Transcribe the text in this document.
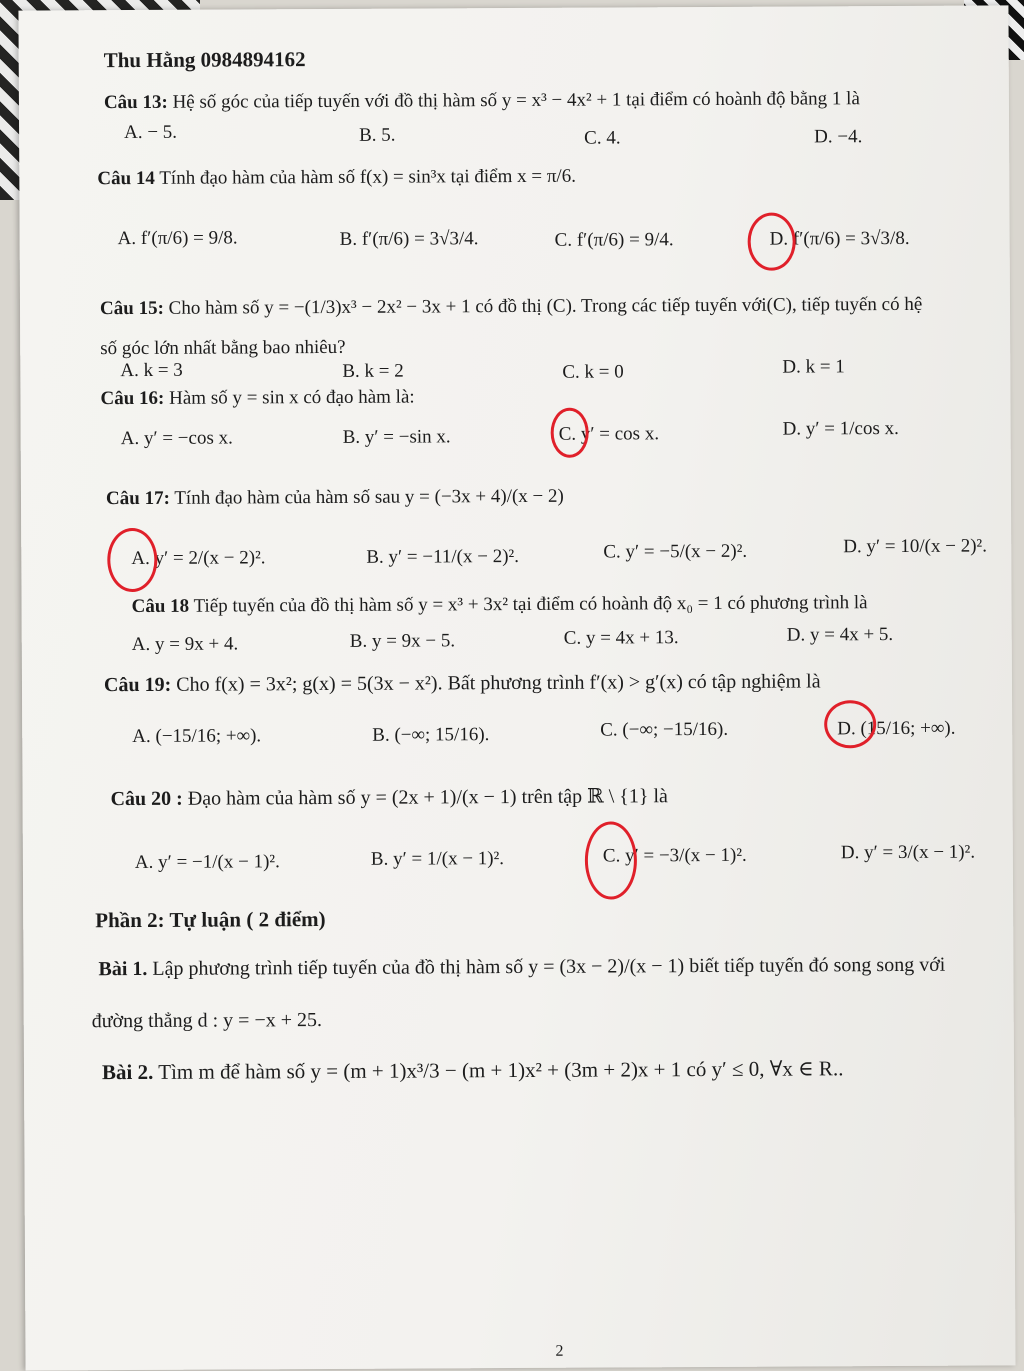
Thu Hằng 0984894162
Câu 13: Hệ số góc của tiếp tuyến với đồ thị hàm số y = x³ − 4x² + 1 tại điểm có hoành độ bằng 1 là
A. − 5.	B. 5.	C. 4.	D. −4.
Câu 14 Tính đạo hàm của hàm số f(x) = sin³x tại điểm x = π/6.
A. f′(π/6) = 9/8.	B. f′(π/6) = 3√3/4.	C. f′(π/6) = 9/4.	D. f′(π/6) = 3√3/8.
Câu 15: Cho hàm số y = −(1/3)x³ − 2x² − 3x + 1 có đồ thị (C). Trong các tiếp tuyến với(C), tiếp tuyến có hệ
số góc lớn nhất bằng bao nhiêu?
A. k = 3	B. k = 2	C. k = 0	D. k = 1
Câu 16: Hàm số y = sin x có đạo hàm là:
A. y′ = −cos x.	B. y′ = −sin x.	C. y′ = cos x.	D. y′ = 1/cos x.
Câu 17: Tính đạo hàm của hàm số sau y = (−3x + 4)/(x − 2)
A. y′ = 2/(x − 2)².	B. y′ = −11/(x − 2)².	C. y′ = −5/(x − 2)².	D. y′ = 10/(x − 2)².
Câu 18 Tiếp tuyến của đồ thị hàm số y = x³ + 3x² tại điểm có hoành độ x₀ = 1 có phương trình là
A. y = 9x + 4.	B. y = 9x − 5.	C. y = 4x + 13.	D. y = 4x + 5.
Câu 19: Cho f(x) = 3x²; g(x) = 5(3x − x²). Bất phương trình f′(x) > g′(x) có tập nghiệm là
A. (−15/16; +∞).	B. (−∞; 15/16).	C. (−∞; −15/16).	D. (15/16; +∞).
Câu 20 : Đạo hàm của hàm số y = (2x + 1)/(x − 1) trên tập ℝ \ {1} là
A. y′ = −1/(x − 1)².	B. y′ = 1/(x − 1)².	C. y′ = −3/(x − 1)².	D. y′ = 3/(x − 1)².
Phần 2: Tự luận ( 2 điểm)
Bài 1. Lập phương trình tiếp tuyến của đồ thị hàm số y = (3x − 2)/(x − 1) biết tiếp tuyến đó song song với
đường thẳng d : y = −x + 25.
Bài 2. Tìm m để hàm số y = (m + 1)x³/3 − (m + 1)x² + (3m + 2)x + 1 có y′ ≤ 0, ∀x ∈ R..
2
